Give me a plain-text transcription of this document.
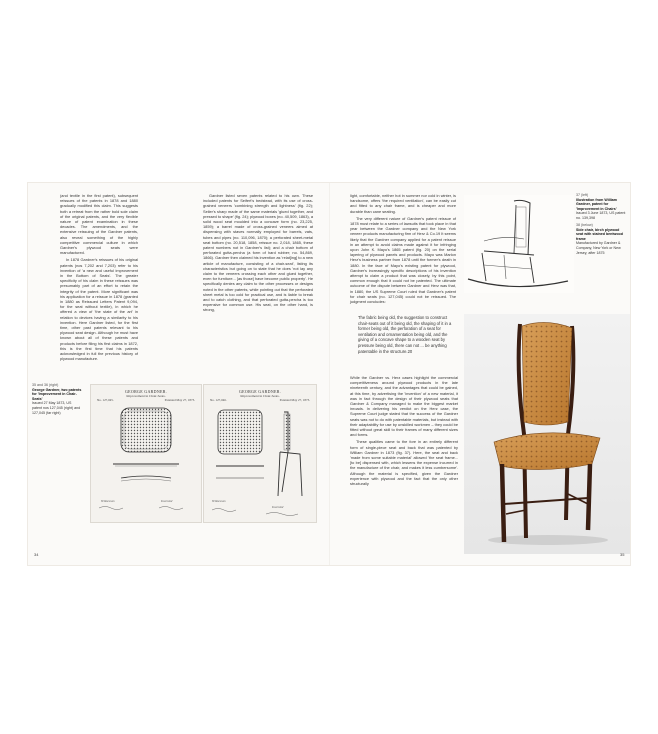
(and textile in the first patent), subsequent reissues of the patents in 1878 and 1880 gradually modified this claim. This suggests both a retreat from the rather bold sole claim of the original patents, and the very flexible nature of patent examination in these decades. The amendments, and the extensive reissuing of the Gardner patents, also reveal something of the highly competitive commercial culture in which Gardner's plywood seats were manufactured.

In 1878 Gardner's reissues of his original patents (nos 7,202 and 7,203) refer to his invention of 'a new and useful improvement in the Bottom of Seats'. The greater specificity of his claim in these reissues was presumably part of an effort to retain the integrity of the patent. More significant was his application for a reissue in 1878 (granted in 1880 as Reissued Letters Patent 9,094, for the seat without textile), in which he offered a view of 'the state of the art' in relation to devices having a similarity to his invention. Here Gardner listed, for the first time, other past patents relevant to his plywood seat design. Although he must have known about all of these patents and products before filing his first claims in 1872, this is the first time that his patents acknowledged in full the previous history of plywood manufacture.

Gardner listed seven patents related to his own. These included patents for Seifert's bedstead, with its use of cross-grained veneers 'combining strength and lightness' (fig. 22); Seiler's sharp made of the same materials 'glued together, and pressed to shape' (fig. 24); plywood boxes (no. 40,509, 1863), a solid wood seat moulded into a concave form (no. 23,225, 1859); a barrel made of cross-grained veneers aimed at dispensing with staves normally employed for barrels, vats, tubes and pipes (no. 110,096, 1870); a perforated sheet-metal seat bottom (no. 20,518, 1858, reissue no. 2,018, 1865, these patent numbers not in Gardner's list); and a chair bottom of perforated gutta-percha (a form of hard rubber; no. 54,869, 1866). Gardner then claimed his invention as 'relat[ing] to a new article of manufacture, consisting of a chair-seat', listing its characteristics but going on to state that he does 'not lay any claim to the veneers crossing each other and glued together, even for furniture... [as those] have become public property'. He specifically denies any claim to the other processes or designs noted in the other patents, while pointing out that the perforated sheet metal is too cold for practical use, and is liable to break and to catch clothing, and that perforated gutta-percha is too expensive for common use. His seat, on the other hand, is strong,

35 and 36 (right)
George Gardner, two patents for 'Improvement in Chair-Seats'
Issued 27 May 1873, US patent nos 127,045 (right) and 127,045 (far right)
GEORGE GARDNER.
Improvement in Chair-Seats.
No. 127,045.	Patented May 27, 1873.
Witnesses	Inventor
GEORGE GARDNER.
Improvement in Chair-Seats.
No. 127,046.	Patented May 27, 1873.
Witnesses
Inventor
34

light, comfortable, neither hot in summer nor cold in winter, is handsome, offers 'the required ventilation', can be easily cut and fitted to any chair frame, and is cheaper and more durable than cane seating.

The very different nature of Gardner's patent reissue of 1878 must relate to a series of lawsuits that took place in that year between the Gardner company and the New York veneer products manufacturing firm of Herz & Co.19 It seems likely that the Gardner company applied for a patent reissue in an attempt to avoid claims made against it for infringing upon John K. Mayo's 1865 patent (fig. 20) on the serial layering of plywood panels and products. Mayo was Marlon Herz's business partner from 1878 until the former's death in 1880. In the face of Mayo's existing patent for plywood, Gardner's increasingly specific descriptions of his invention attempt to claim a product that was closely, by this point, common enough that it could not be patented. The ultimate outcome of the dispute between Gardner and Herz was that, in 1880, the US Supreme Court ruled that Gardner's patent for chair seats (no. 127,045) could not be reissued. The judgment concludes:

The fabric being old, the suggestion to construct chair-seats out of it being old, the shaping of it in a former being old, the perforation of a seat for ventilation and ornamentation being old, and the giving of a concave shape to a wooden seat by pressure being old, there can not ... be anything patentable in the structure.20

While the Gardner vs. Herz cases highlight the commercial competitiveness around plywood products in the late nineteenth century, and the advantages that could be gained, at this time, by advertising the 'invention' of a new material, it was in fact through the design of their plywood seats that Gardner & Company managed to make the biggest market inroads. In delivering his verdict on the Herz case, the Supreme Court judge stated that the success of the Gardner seats was not to do with patentable materials, but instead with their adaptability for use by unskilled workmen – they could be fitted without great skill to their frames of many different sizes and forms.

These qualities came to the fore in an entirely different form of single-piece seat and back that was patented by William Gardner in 1873 (fig. 37). Here, the seat and back 'made from some suitable material' allowed 'the seat frame... [to be] dispensed with, which lessens the expense incurred in the manufacture of the chair, and makes it less cumbersome'. Although the material is specified, given the Gardner experience with plywood and the fact that the only other structurally

37 (left)
Illustration from William Gardner, patent for 'Improvement in Chairs'
Issued 3 June 1873, US patent no. 139,398
38 (below)
Side chair, birch plywood seat with stained bentwood frame
Manufactured by Gardner & Company, New York or New Jersey, after 1875
35
